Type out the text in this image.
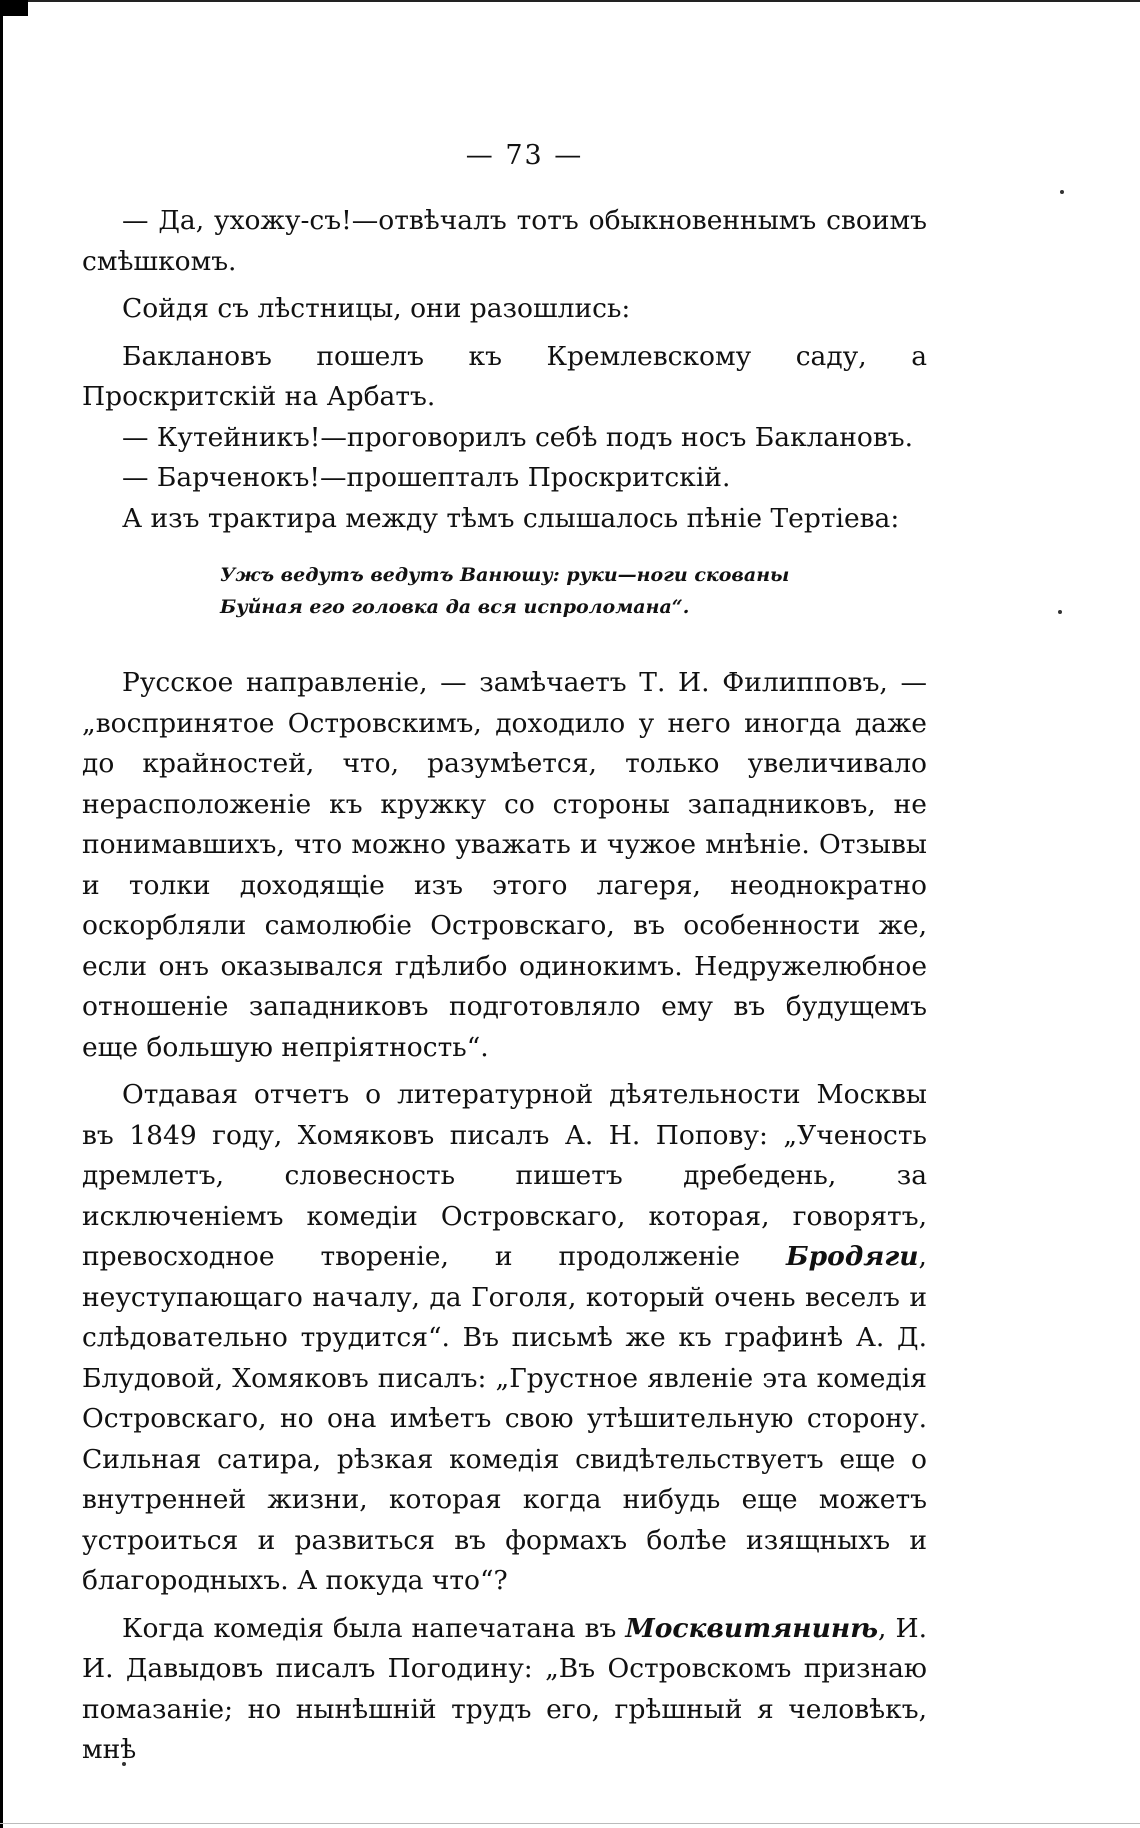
— 73 —

— Да, ухожу-съ!—отвѣчалъ тотъ обыкновеннымъ своимъ смѣшкомъ.

Сойдя съ лѣстницы, они разошлись:

Баклановъ пошелъ къ Кремлевскому саду, а Проскритскій на Арбатъ.

— Кутейникъ!—проговорилъ себѣ подъ носъ Баклановъ.

— Барченокъ!—прошепталъ Проскритскій.

А изъ трактира между тѣмъ слышалось пѣніе Тертіева:

Ужъ ведутъ ведутъ Ванюшу: руки—ноги скованы
Буйная его головка да вся испроломана“.

Русское направленіе, — замѣчаетъ Т. И. Филипповъ, — „воспринятое Островскимъ, доходило у него иногда даже до крайностей, что, разумѣется, только увеличивало нерасположеніе къ кружку со стороны западниковъ, не понимавшихъ, что можно уважать и чужое мнѣніе. Отзывы и толки доходящіе изъ этого лагеря, неоднократно оскорбляли самолюбіе Островскаго, въ особенности же, если онъ оказывался гдѣлибо одинокимъ. Недружелюбное отношеніе западниковъ подготовляло ему въ будущемъ еще большую непріятность“.

Отдавая отчетъ о литературной дѣятельности Москвы въ 1849 году, Хомяковъ писалъ А. Н. Попову: „Ученость дремлетъ, словесность пишетъ дребедень, за исключеніемъ комедіи Островскаго, которая, говорятъ, превосходное твореніе, и продолженіе Бродяги, неуступающаго началу, да Гоголя, который очень веселъ и слѣдовательно трудится“. Въ письмѣ же къ графинѣ А. Д. Блудовой, Хомяковъ писалъ: „Грустное явленіе эта комедія Островскаго, но она имѣетъ свою утѣшительную сторону. Сильная сатира, рѣзкая комедія свидѣтельствуетъ еще о внутренней жизни, которая когда нибудь еще можетъ устроиться и развиться въ формахъ болѣе изящныхъ и благородныхъ. А покуда что“?

Когда комедія была напечатана въ Москвитянинѣ, И. И. Давыдовъ писалъ Погодину: „Въ Островскомъ признаю помазаніе; но нынѣшній трудъ его, грѣшный я человѣкъ, мнѣ
